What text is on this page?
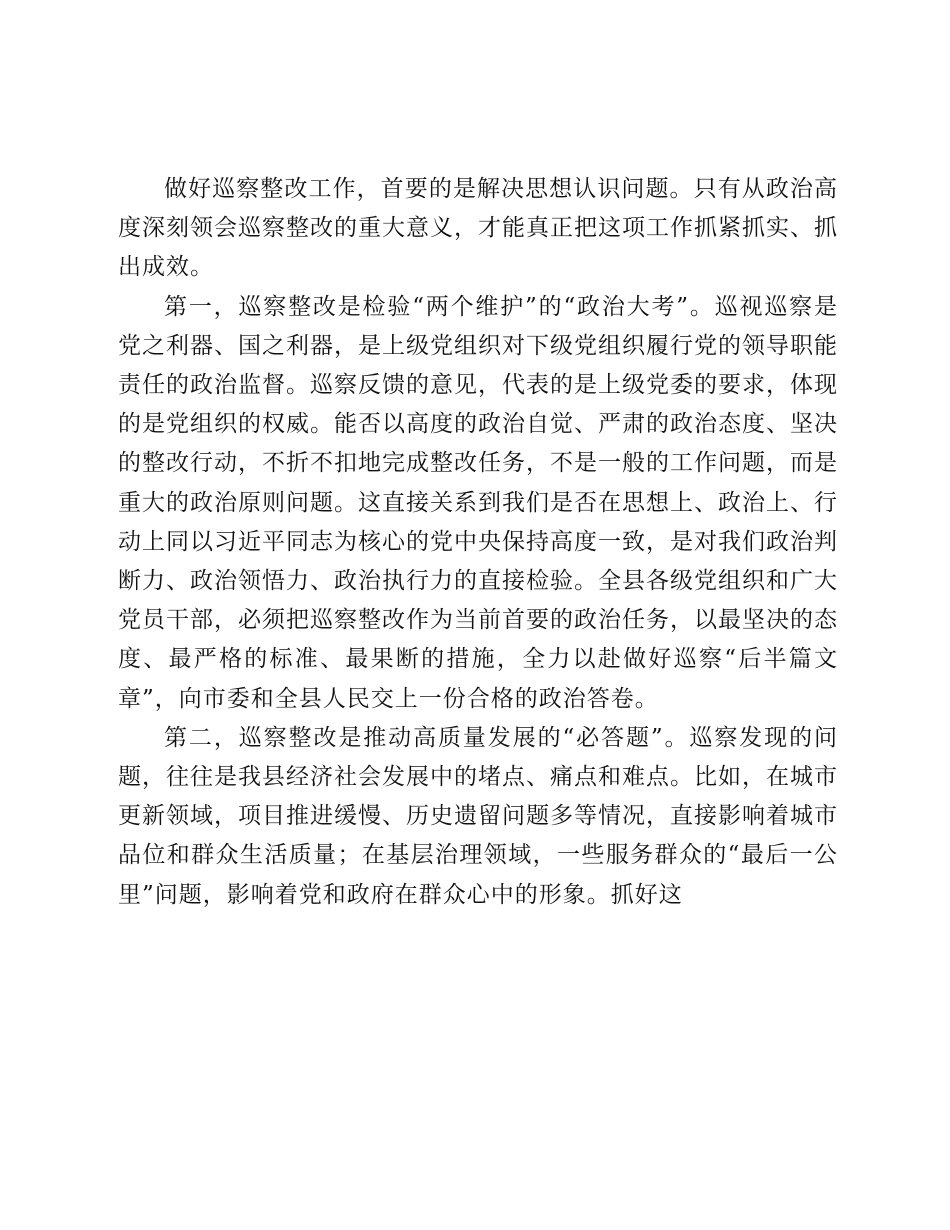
做好巡察整改工作，首要的是解决思想认识问题。只有从政治高度深刻领会巡察整改的重大意义，才能真正把这项工作抓紧抓实、抓出成效。

第一，巡察整改是检验“两个维护”的“政治大考”。巡视巡察是党之利器、国之利器，是上级党组织对下级党组织履行党的领导职能责任的政治监督。巡察反馈的意见，代表的是上级党委的要求，体现的是党组织的权威。能否以高度的政治自觉、严肃的政治态度、坚决的整改行动，不折不扣地完成整改任务，不是一般的工作问题，而是重大的政治原则问题。这直接关系到我们是否在思想上、政治上、行动上同以习近平同志为核心的党中央保持高度一致，是对我们政治判断力、政治领悟力、政治执行力的直接检验。全县各级党组织和广大党员干部，必须把巡察整改作为当前首要的政治任务，以最坚决的态度、最严格的标准、最果断的措施，全力以赴做好巡察“后半篇文章”，向市委和全县人民交上一份合格的政治答卷。

第二，巡察整改是推动高质量发展的“必答题”。巡察发现的问题，往往是我县经济社会发展中的堵点、痛点和难点。比如，在城市更新领域，项目推进缓慢、历史遗留问题多等情况，直接影响着城市品位和群众生活质量；在基层治理领域，一些服务群众的“最后一公里”问题，影响着党和政府在群众心中的形象。抓好这
